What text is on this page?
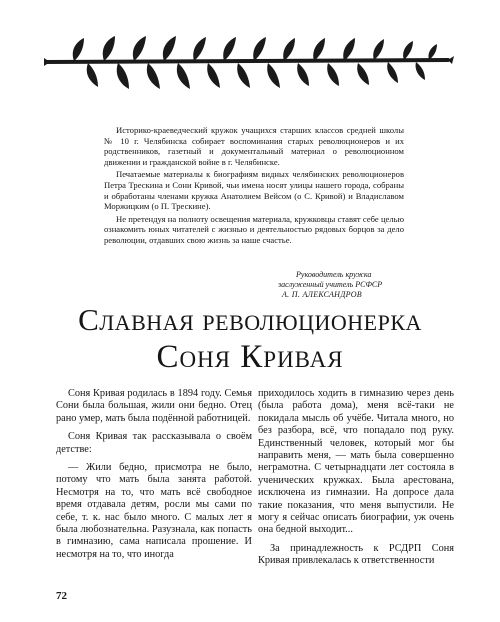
Историко-краеведческий кружок учащихся старших классов средней школы № 10 г. Челябинска собирает воспоминания старых революционеров и их родственников, газетный и документальный материал о революционном движении и гражданской войне в г. Челябинске.

Печатаемые материалы к биографиям видных челябинских революционеров Петра Трескина и Сони Кривой, чьи имена носят улицы нашего города, собраны и обработаны членами кружка Анатолием Вейсом (о С. Кривой) и Владиславом Моржицким (о П. Трескине).

Не претендуя на полноту освещения материала, кружковцы ставят себе целью ознакомить юных читателей с жизнью и деятельностью рядовых борцов за дело революции, отдавших свою жизнь за наше счастье.

Руководитель кружка
заслуженный учитель РСФСР
А. П. АЛЕКСАНДРОВ
Славная революционерка
Соня Кривая

Соня Кривая родилась в 1894 году. Семья Сони была большая, жили они бедно. Отец рано умер, мать была подённой работницей.

Соня Кривая так рассказывала о своём детстве:

— Жили бедно, присмотра не было, потому что мать была занята работой. Несмотря на то, что мать всё свободное время отдавала детям, росли мы сами по себе, т. к. нас было много. С малых лет я была любознательна. Разузнала, как попасть в гимназию, сама написала прошение. И несмотря на то, что иногда

приходилось ходить в гимназию через день (была работа дома), меня всё-таки не покидала мысль об учёбе. Читала много, но без разбора, всё, что попадало под руку. Единственный человек, который мог бы направить меня, — мать была совершенно неграмотна. С четырнадцати лет состояла в ученических кружках. Была арестована, исключена из гимназии. На допросе дала такие показания, что меня выпустили. Не могу я сейчас описать биографии, уж очень она бедной выходит...

За принадлежность к РСДРП Соня Кривая привлекалась к ответственности

72
